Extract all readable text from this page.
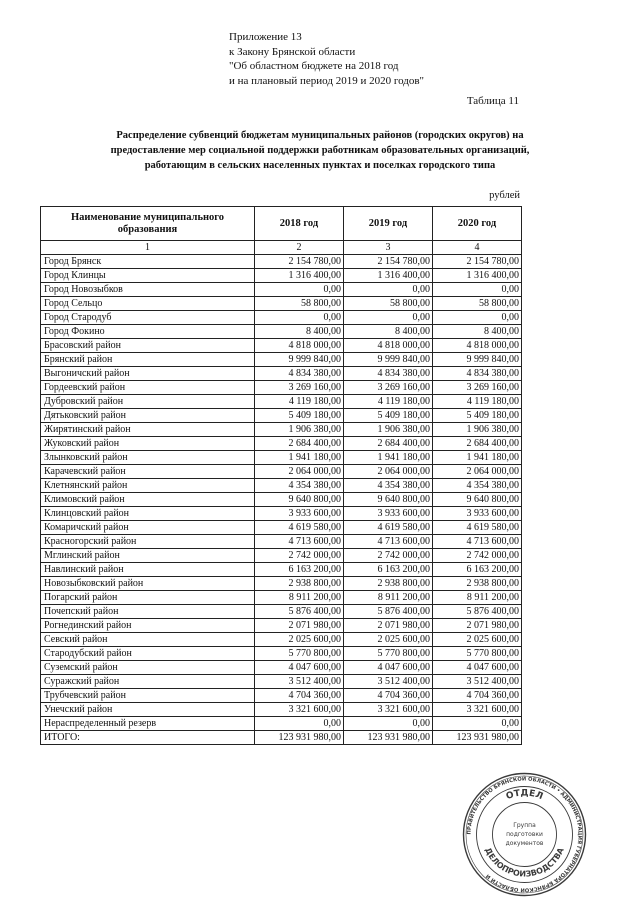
Приложение 13
к Закону Брянской области
"Об областном бюджете на 2018 год
и на плановый период 2019 и 2020 годов"
Таблица 11
Распределение субвенций бюджетам муниципальных районов (городских округов) на
предоставление мер социальной поддержки работникам образовательных организаций,
работающим в сельских населенных пунктах и поселках городского типа
рублей
Наименование муниципального образования	2018 год	2019 год	2020 год
1	2	3	4
Город Брянск	2 154 780,00	2 154 780,00	2 154 780,00
Город Клинцы	1 316 400,00	1 316 400,00	1 316 400,00
Город Новозыбков	0,00	0,00	0,00
Город Сельцо	58 800,00	58 800,00	58 800,00
Город Стародуб	0,00	0,00	0,00
Город Фокино	8 400,00	8 400,00	8 400,00
Брасовский район	4 818 000,00	4 818 000,00	4 818 000,00
Брянский район	9 999 840,00	9 999 840,00	9 999 840,00
Выгоничский район	4 834 380,00	4 834 380,00	4 834 380,00
Гордеевский район	3 269 160,00	3 269 160,00	3 269 160,00
Дубровский район	4 119 180,00	4 119 180,00	4 119 180,00
Дятьковский район	5 409 180,00	5 409 180,00	5 409 180,00
Жирятинский район	1 906 380,00	1 906 380,00	1 906 380,00
Жуковский район	2 684 400,00	2 684 400,00	2 684 400,00
Злынковский район	1 941 180,00	1 941 180,00	1 941 180,00
Карачевский район	2 064 000,00	2 064 000,00	2 064 000,00
Клетнянский район	4 354 380,00	4 354 380,00	4 354 380,00
Климовский район	9 640 800,00	9 640 800,00	9 640 800,00
Клинцовский район	3 933 600,00	3 933 600,00	3 933 600,00
Комаричский район	4 619 580,00	4 619 580,00	4 619 580,00
Красногорский район	4 713 600,00	4 713 600,00	4 713 600,00
Мглинский район	2 742 000,00	2 742 000,00	2 742 000,00
Навлинский район	6 163 200,00	6 163 200,00	6 163 200,00
Новозыбковский район	2 938 800,00	2 938 800,00	2 938 800,00
Погарский район	8 911 200,00	8 911 200,00	8 911 200,00
Почепский район	5 876 400,00	5 876 400,00	5 876 400,00
Рогнединский район	2 071 980,00	2 071 980,00	2 071 980,00
Севский район	2 025 600,00	2 025 600,00	2 025 600,00
Стародубский район	5 770 800,00	5 770 800,00	5 770 800,00
Суземский район	4 047 600,00	4 047 600,00	4 047 600,00
Суражский район	3 512 400,00	3 512 400,00	3 512 400,00
Трубчевский район	4 704 360,00	4 704 360,00	4 704 360,00
Унечский район	3 321 600,00	3 321 600,00	3 321 600,00
Нераспределенный резерв	0,00	0,00	0,00
ИТОГО:	123 931 980,00	123 931 980,00	123 931 980,00
ПРАВИТЕЛЬСТВО БРЯНСКОЙ ОБЛАСТИ • АДМИНИСТРАЦИЯ ГУБЕРНАТОРА БРЯНСКОЙ ОБЛАСТИ И
ОТДЕЛ
ДЕЛОПРОИЗВОДСТВА
Группа
подготовки
документов
